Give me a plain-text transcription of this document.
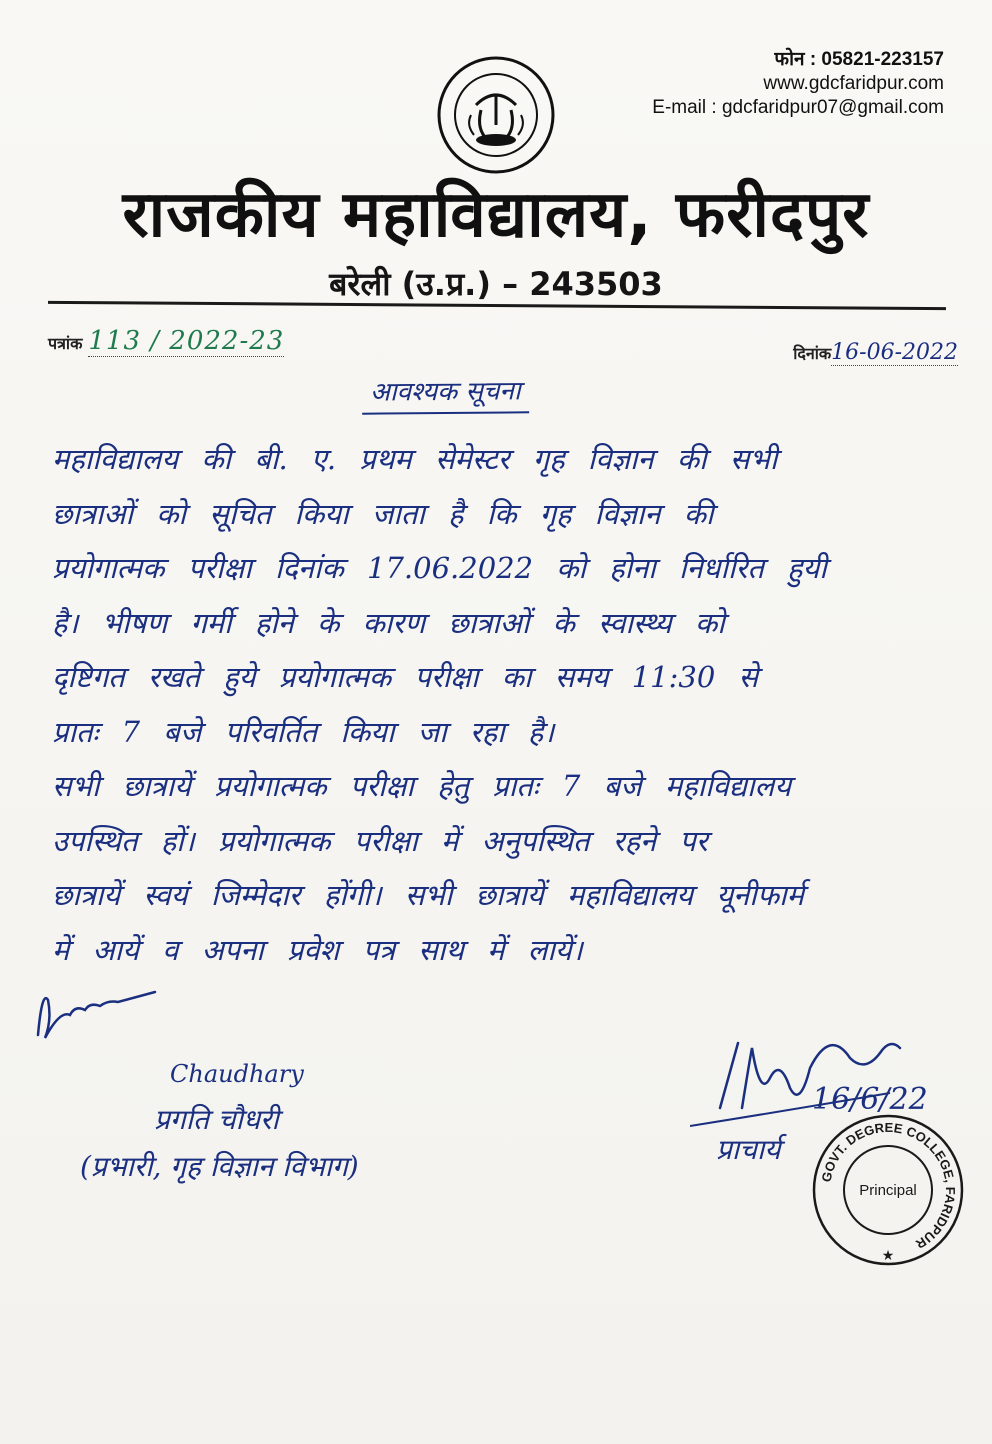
फोन : 05821-223157
www.gdcfaridpur.com
E-mail : gdcfaridpur07@gmail.com
राजकीय महाविद्यालय, फरीदपुर
बरेली (उ.प्र.) – 243503
पत्रांक 113 / 2022-23	दिनांक16-06-2022
आवश्यक सूचना
महाविद्यालय की बी. ए. प्रथम सेमेस्टर गृह विज्ञान की सभी
छात्राओं को सूचित किया जाता है कि गृह विज्ञान की
प्रयोगात्मक परीक्षा दिनांक 17.06.2022 को होना निर्धारित हुयी
है। भीषण गर्मी होने के कारण छात्राओं के स्वास्थ्य को
दृष्टिगत रखते हुये प्रयोगात्मक परीक्षा का समय 11:30 से
प्रातः 7 बजे परिवर्तित किया जा रहा है।
सभी छात्रायें प्रयोगात्मक परीक्षा हेतु प्रातः 7 बजे महाविद्यालय
उपस्थित हों। प्रयोगात्मक परीक्षा में अनुपस्थित रहने पर
छात्रायें स्वयं जिम्मेदार होंगी। सभी छात्रायें महाविद्यालय यूनीफार्म
में आयें व अपना प्रवेश पत्र साथ में लायें।
Chaudhary
प्रगति चौधरी
(प्रभारी, गृह विज्ञान विभाग)
16/6/22
प्राचार्य
GOVT. DEGREE COLLEGE, FARIDPUR
Principal
★
